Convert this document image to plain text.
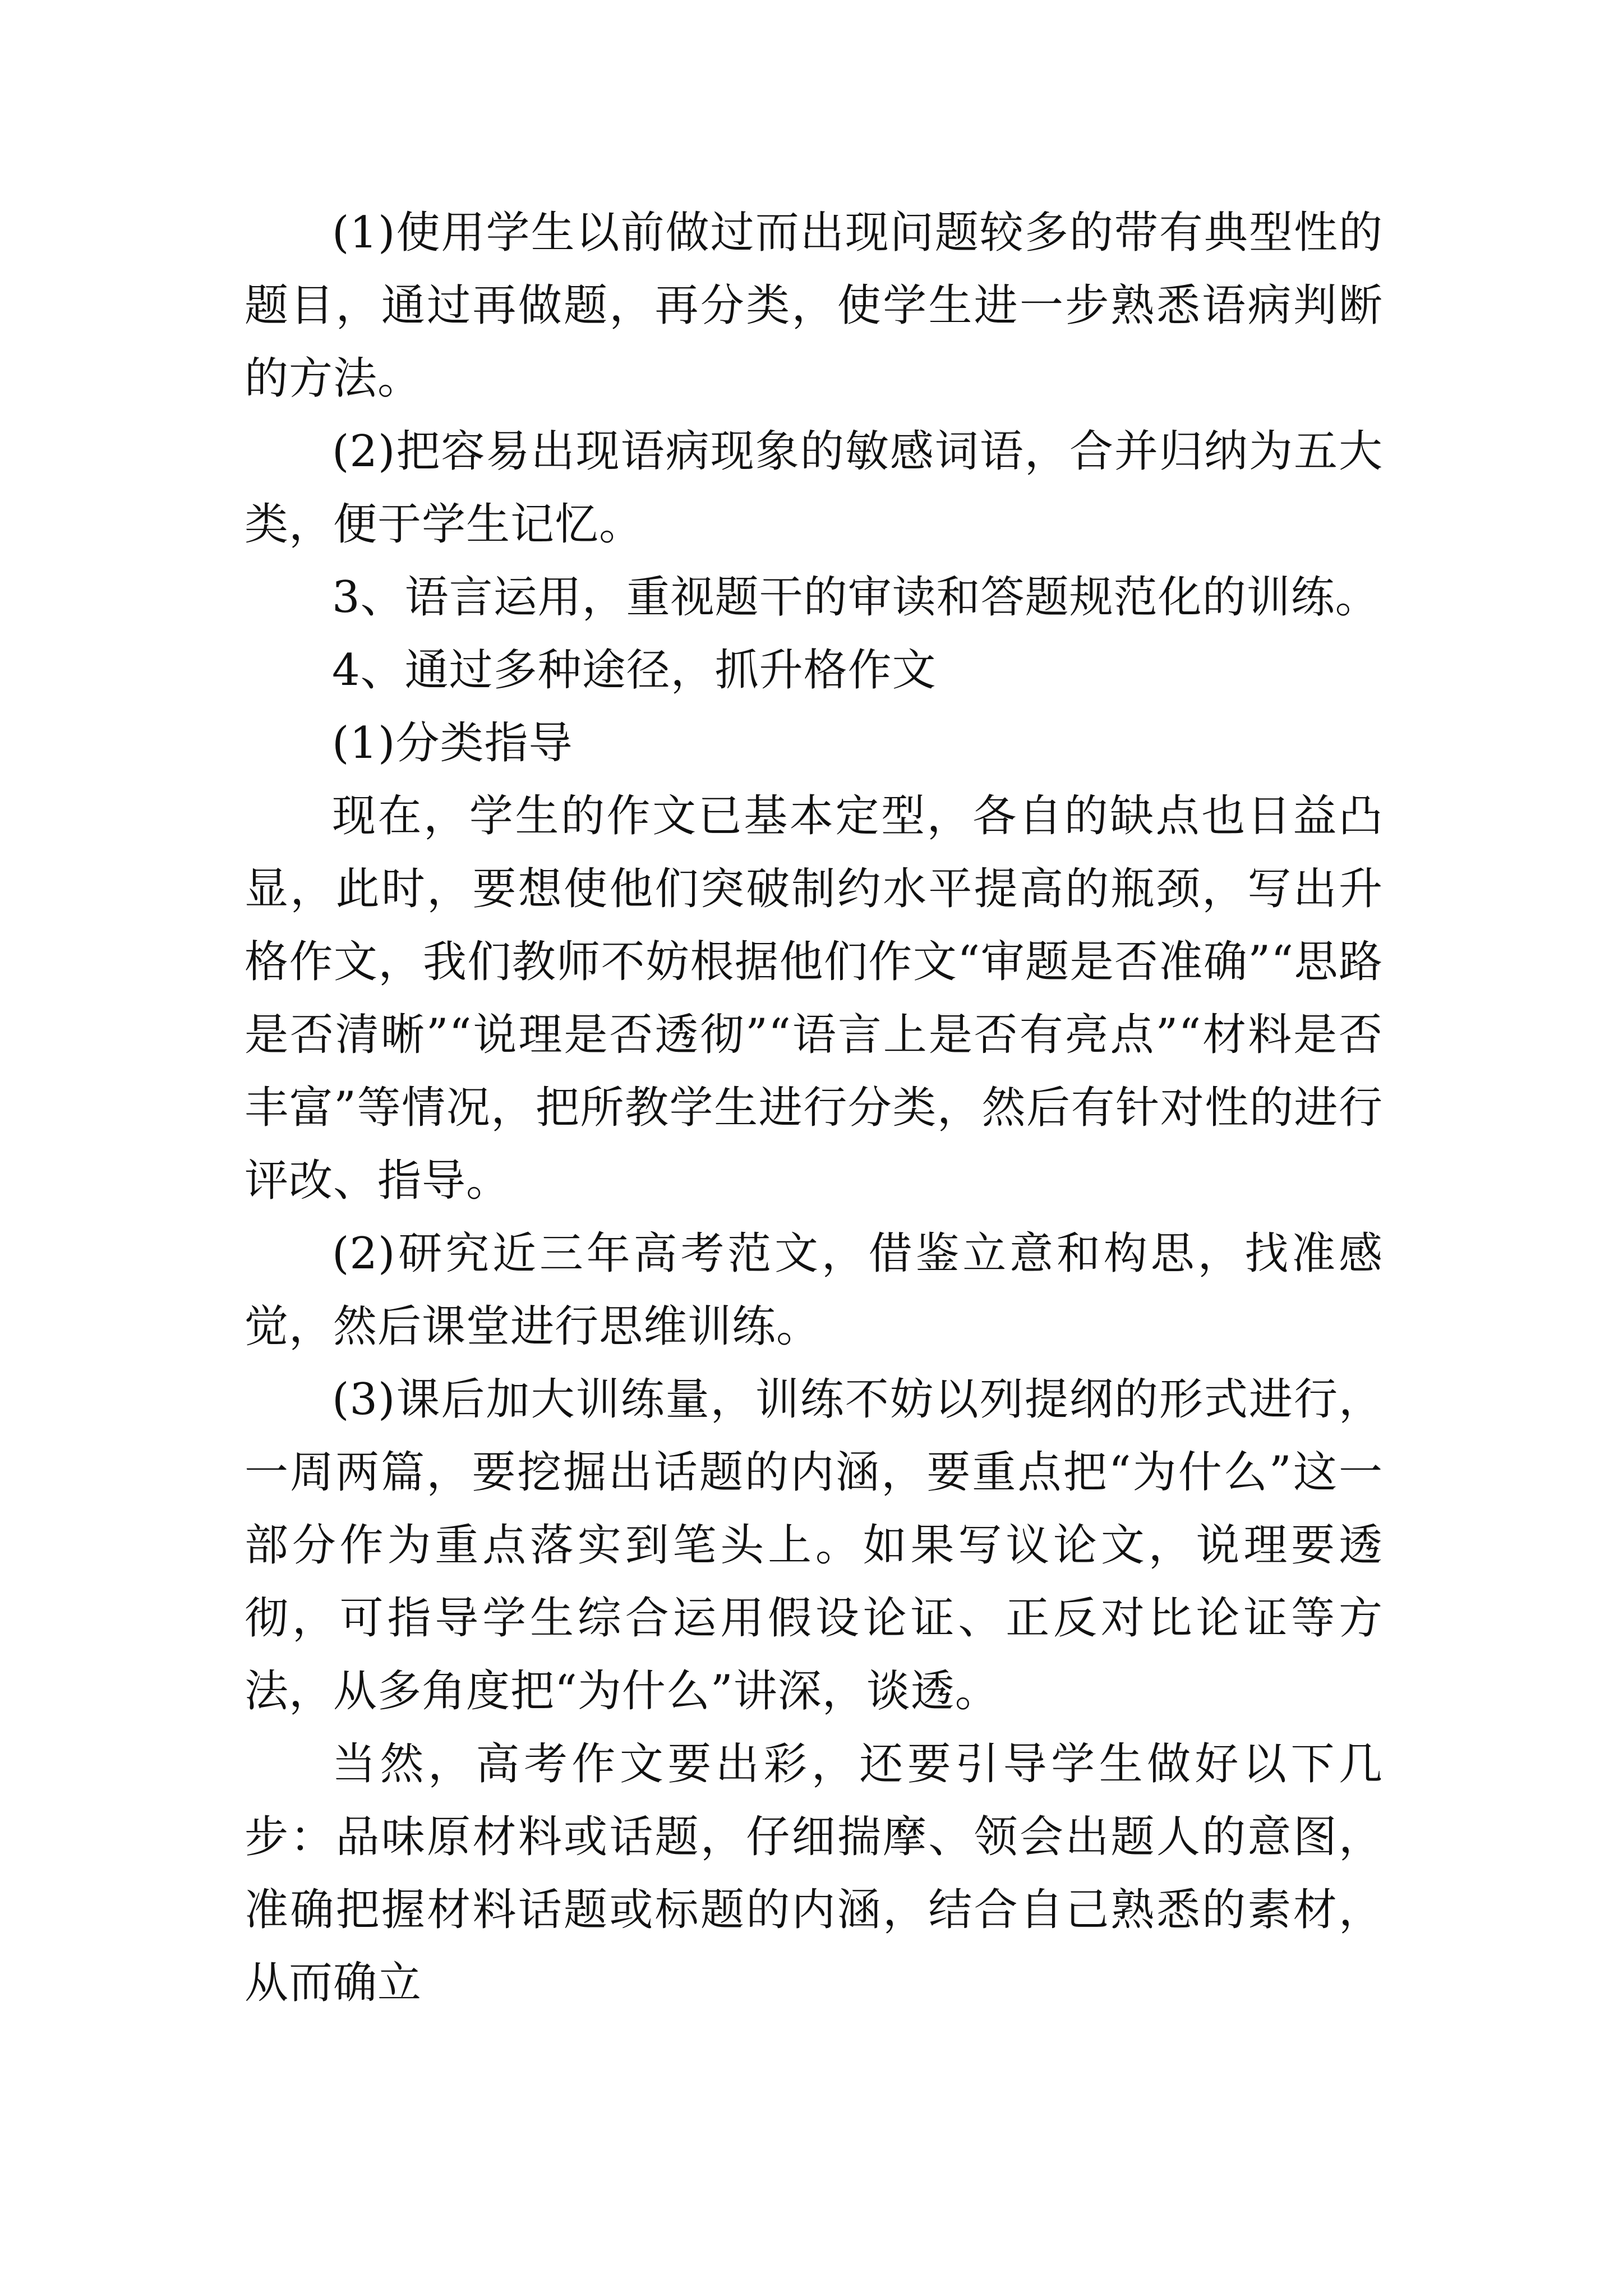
(1)使用学生以前做过而出现问题较多的带有典型性的题目，通过再做题，再分类，使学生进一步熟悉语病判断的方法。

(2)把容易出现语病现象的敏感词语，合并归纳为五大类，便于学生记忆。

3、语言运用，重视题干的审读和答题规范化的训练。

4、通过多种途径，抓升格作文

(1)分类指导

现在，学生的作文已基本定型，各自的缺点也日益凸显，此时，要想使他们突破制约水平提高的瓶颈，写出升格作文，我们教师不妨根据他们作文“审题是否准确”“思路是否清晰”“说理是否透彻”“语言上是否有亮点”“材料是否丰富”等情况，把所教学生进行分类，然后有针对性的进行评改、指导。

(2)研究近三年高考范文，借鉴立意和构思，找准感觉，然后课堂进行思维训练。

(3)课后加大训练量，训练不妨以列提纲的形式进行，一周两篇，要挖掘出话题的内涵，要重点把“为什么”这一部分作为重点落实到笔头上。如果写议论文，说理要透彻，可指导学生综合运用假设论证、正反对比论证等方法，从多角度把“为什么”讲深，谈透。

当然，高考作文要出彩，还要引导学生做好以下几步：品味原材料或话题，仔细揣摩、领会出题人的意图，准确把握材料话题或标题的内涵，结合自己熟悉的素材，从而确立
